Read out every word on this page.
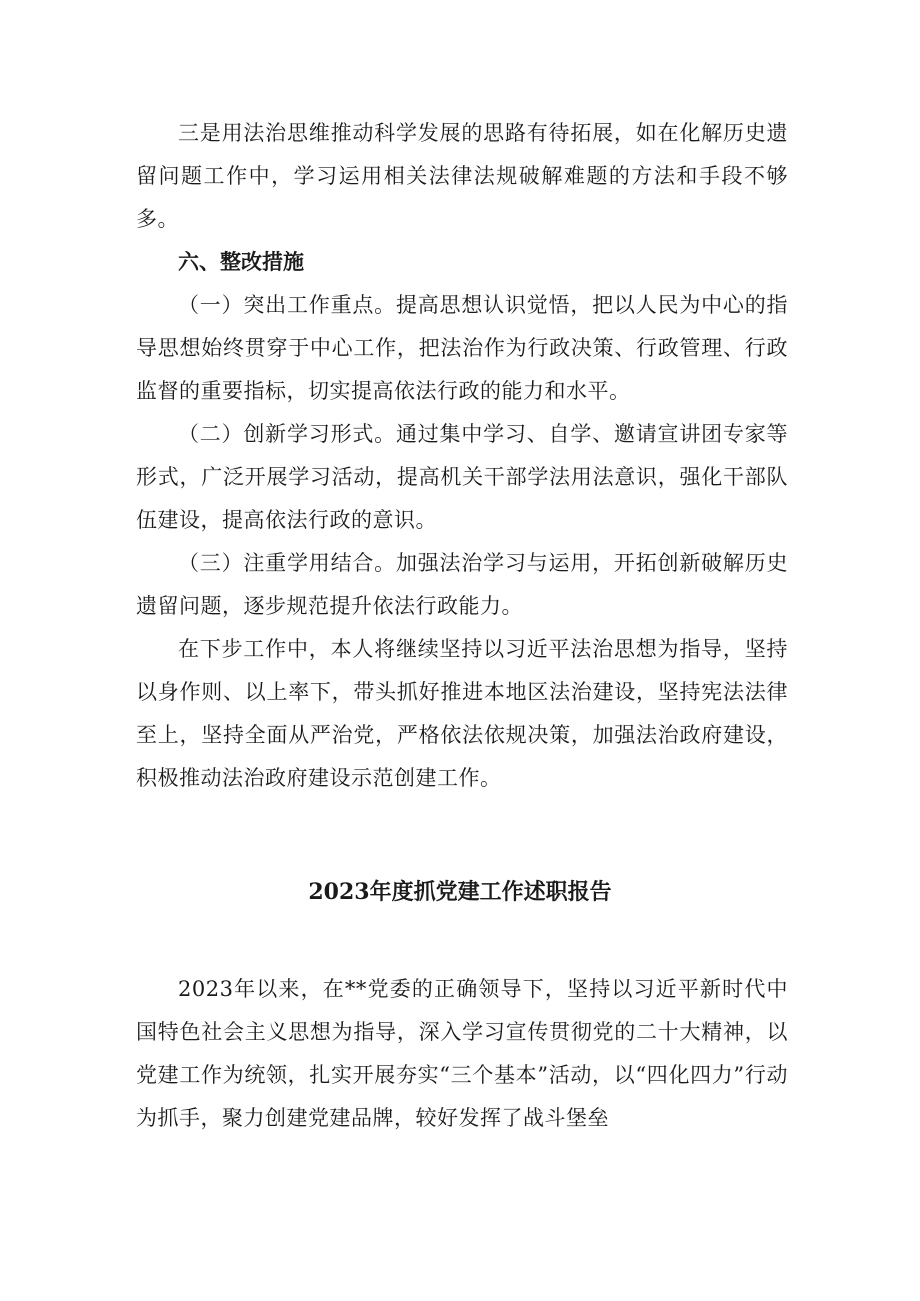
三是用法治思维推动科学发展的思路有待拓展，如在化解历史遗留问题工作中，学习运用相关法律法规破解难题的方法和手段不够多。

六、整改措施

（一）突出工作重点。提高思想认识觉悟，把以人民为中心的指导思想始终贯穿于中心工作，把法治作为行政决策、行政管理、行政监督的重要指标，切实提高依法行政的能力和水平。

（二）创新学习形式。通过集中学习、自学、邀请宣讲团专家等形式，广泛开展学习活动，提高机关干部学法用法意识，强化干部队伍建设，提高依法行政的意识。

（三）注重学用结合。加强法治学习与运用，开拓创新破解历史遗留问题，逐步规范提升依法行政能力。

在下步工作中，本人将继续坚持以习近平法治思想为指导，坚持以身作则、以上率下，带头抓好推进本地区法治建设，坚持宪法法律至上，坚持全面从严治党，严格依法依规决策，加强法治政府建设，积极推动法治政府建设示范创建工作。

2023年度抓党建工作述职报告

2023年以来，在**党委的正确领导下，坚持以习近平新时代中国特色社会主义思想为指导，深入学习宣传贯彻党的二十大精神，以党建工作为统领，扎实开展夯实“三个基本”活动，以“四化四力”行动为抓手，聚力创建党建品牌，较好发挥了战斗堡垒
